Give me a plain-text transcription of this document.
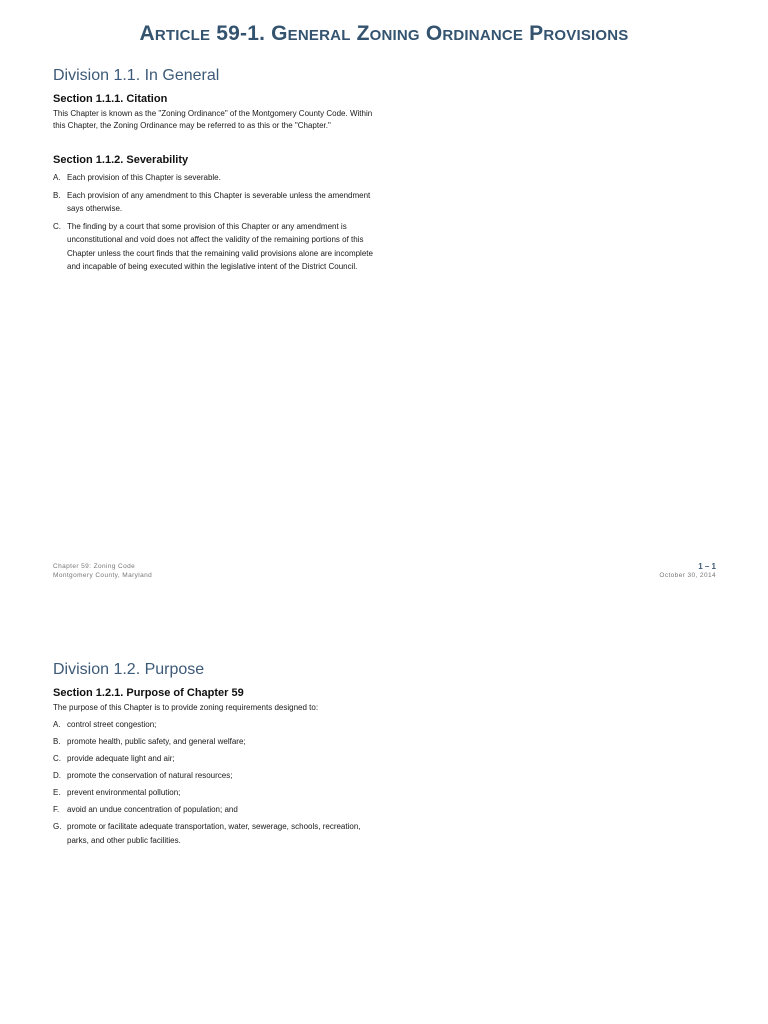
Article 59-1. General Zoning Ordinance Provisions
Division 1.1. In General
Section 1.1.1. Citation
This Chapter is known as the "Zoning Ordinance" of the Montgomery County Code. Within this Chapter, the Zoning Ordinance may be referred to as this or the "Chapter."
Section 1.1.2. Severability
A. Each provision of this Chapter is severable.
B. Each provision of any amendment to this Chapter is severable unless the amendment says otherwise.
C. The finding by a court that some provision of this Chapter or any amendment is unconstitutional and void does not affect the validity of the remaining portions of this Chapter unless the court finds that the remaining valid provisions alone are incomplete and incapable of being executed within the legislative intent of the District Council.
Chapter 59: Zoning Code
Montgomery County, Maryland
1 – 1
October 30, 2014
Division 1.2. Purpose
Section 1.2.1. Purpose of Chapter 59
The purpose of this Chapter is to provide zoning requirements designed to:
A. control street congestion;
B. promote health, public safety, and general welfare;
C. provide adequate light and air;
D. promote the conservation of natural resources;
E. prevent environmental pollution;
F. avoid an undue concentration of population; and
G. promote or facilitate adequate transportation, water, sewerage, schools, recreation, parks, and other public facilities.
